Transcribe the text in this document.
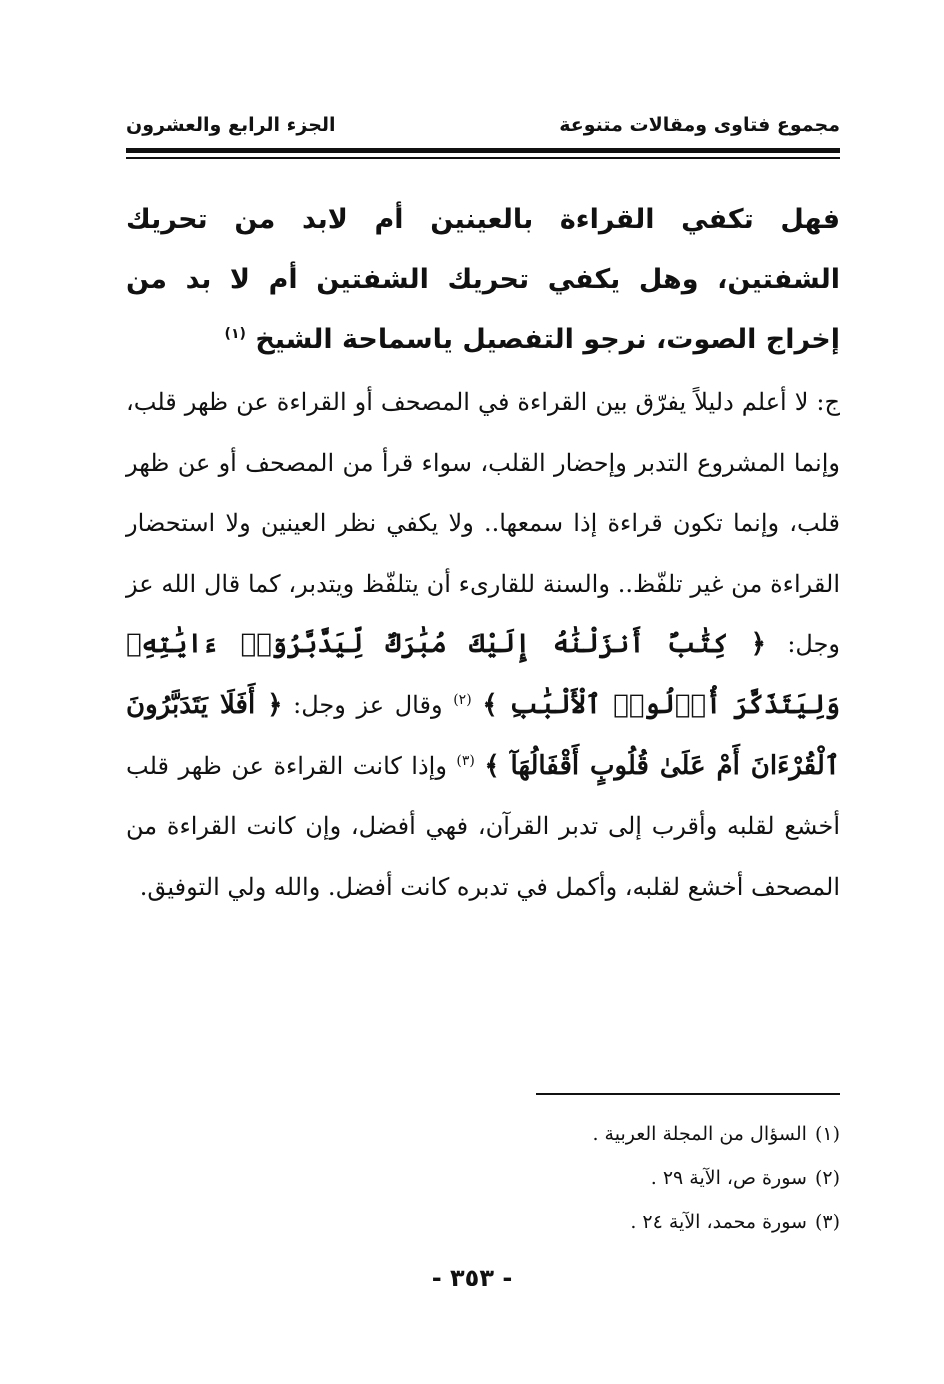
مجموع فتاوى ومقالات متنوعة
الجزء الرابع والعشرون
فهل تكفي القراءة بالعينين أم لابد من تحريك الشفتين، وهل يكفي تحريك الشفتين أم لا بد من إخراج الصوت، نرجو التفصيل ياسماحة الشيخ $^{(١)}$
ج: لا أعلم دليلاً يفرّق بين القراءة في المصحف أو القراءة عن ظهر قلب، وإنما المشروع التدبر وإحضار القلب، سواء قرأ من المصحف أو عن ظهر قلب، وإنما تكون قراءة إذا سمعها.. ولا يكفي نظر العينين ولا استحضار القراءة من غير تلفّظ.. والسنة للقارىء أن يتلفّظ ويتدبر، كما قال الله عز وجل: ﴿ كِتَٰبٌ أَنزَلْنَٰهُ إِلَيْكَ مُبَٰرَكٌ لِّيَدَّبَّرُوٓا۟ ءَايَٰتِهِۦ وَلِيَتَذَكَّرَ أُو۟لُوا۟ ٱلْأَلْبَٰبِ ﴾ $^{(٢)}$ وقال عز وجل: ﴿ أَفَلَا يَتَدَبَّرُونَ ٱلْقُرْءَانَ أَمْ عَلَىٰ قُلُوبٍ أَقْفَالُهَآ ﴾ $^{(٣)}$ وإذا كانت القراءة عن ظهر قلب أخشع لقلبه وأقرب إلى تدبر القرآن، فهي أفضل، وإن كانت القراءة من المصحف أخشع لقلبه، وأكمل في تدبره كانت أفضل. والله ولي التوفيق.
(١)السؤال من المجلة العربية .
(٢)سورة ص، الآية ٢٩ .
(٣)سورة محمد، الآية ٢٤ .
- ٣٥٣ -
